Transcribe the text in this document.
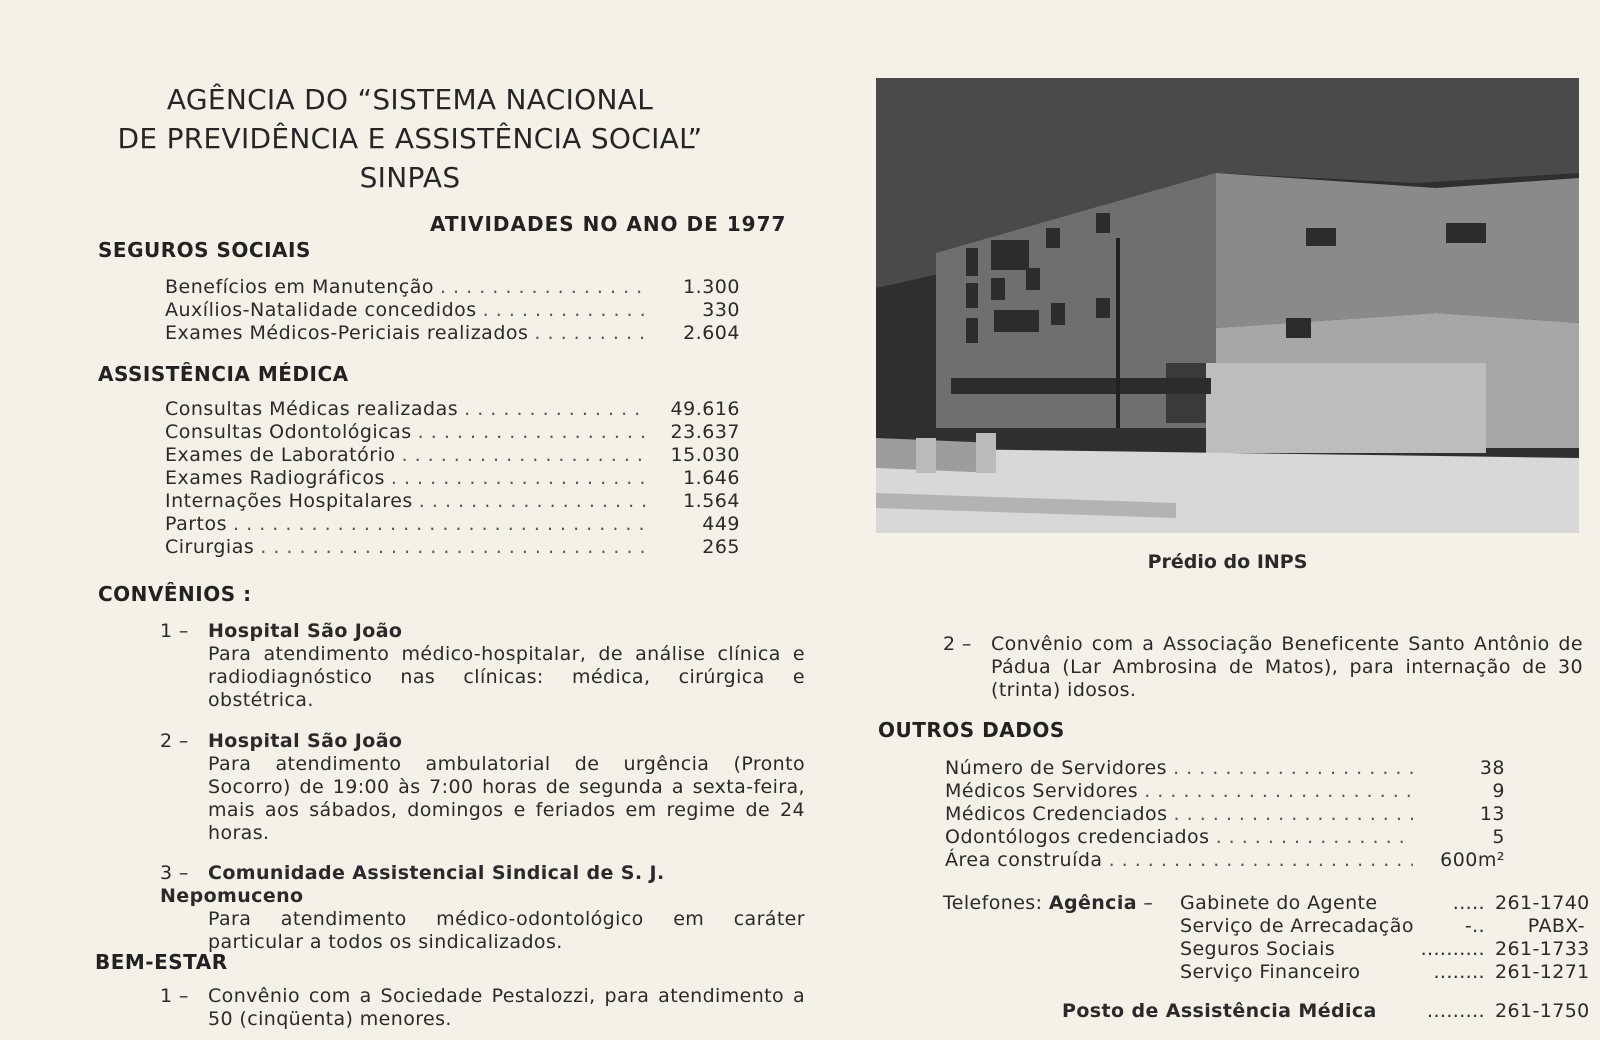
AGÊNCIA DO “SISTEMA NACIONAL
DE PREVIDÊNCIA E ASSISTÊNCIA SOCIAL”
SINPAS
ATIVIDADES NO ANO DE 1977
SEGUROS SOCIAIS
Benefícios em Manutenção . . .	1.300
Auxílios-Natalidade concedidos . . .	330
Exames Médicos-Periciais realizados . . .	2.604
ASSISTÊNCIA MÉDICA
Consultas Médicas realizadas . . .	49.616
Consultas Odontológicas . . .	23.637
Exames de Laboratório . . .	15.030
Exames Radiográficos . . .	1.646
Internações Hospitalares . . .	1.564
Partos . . .	449
Cirurgias . . .	265
CONVÊNIOS :
1 – Hospital São João
Para atendimento médico-hospitalar, de análise clínica e radiodiagnóstico nas clínicas: médica, cirúrgica e obstétrica.
2 – Hospital São João
Para atendimento ambulatorial de urgência (Pronto Socorro) de 19:00 às 7:00 horas de segunda a sexta-feira, mais aos sábados, domingos e feriados em regime de 24 horas.
3 – Comunidade Assistencial Sindical de S. J. Nepomuceno
Para atendimento médico-odontológico em caráter particular a todos os sindicalizados.
BEM-ESTAR
1 –	Convênio com a Sociedade Pestalozzi, para atendimento a 50 (cinqüenta) menores.
Prédio do INPS
2 –	Convênio com a Associação Beneficente Santo Antônio de Pádua (Lar Ambrosina de Matos), para internação de 30 (trinta) idosos.
OUTROS DADOS
Número de Servidores . . .	38
Médicos Servidores . . .	9
Médicos Credenciados . . .	13
Odontólogos credenciados . . .	5
Área construída . . .	600m²
Telefones: Agência – Gabinete do Agente	..... 261-1740
Serviço de Arrecadação	-..	PABX-
Seguros Sociais	.......... 261-1733
Serviço Financeiro	........ 261-1271
Posto de Assistência Médica	......... 261-1750
